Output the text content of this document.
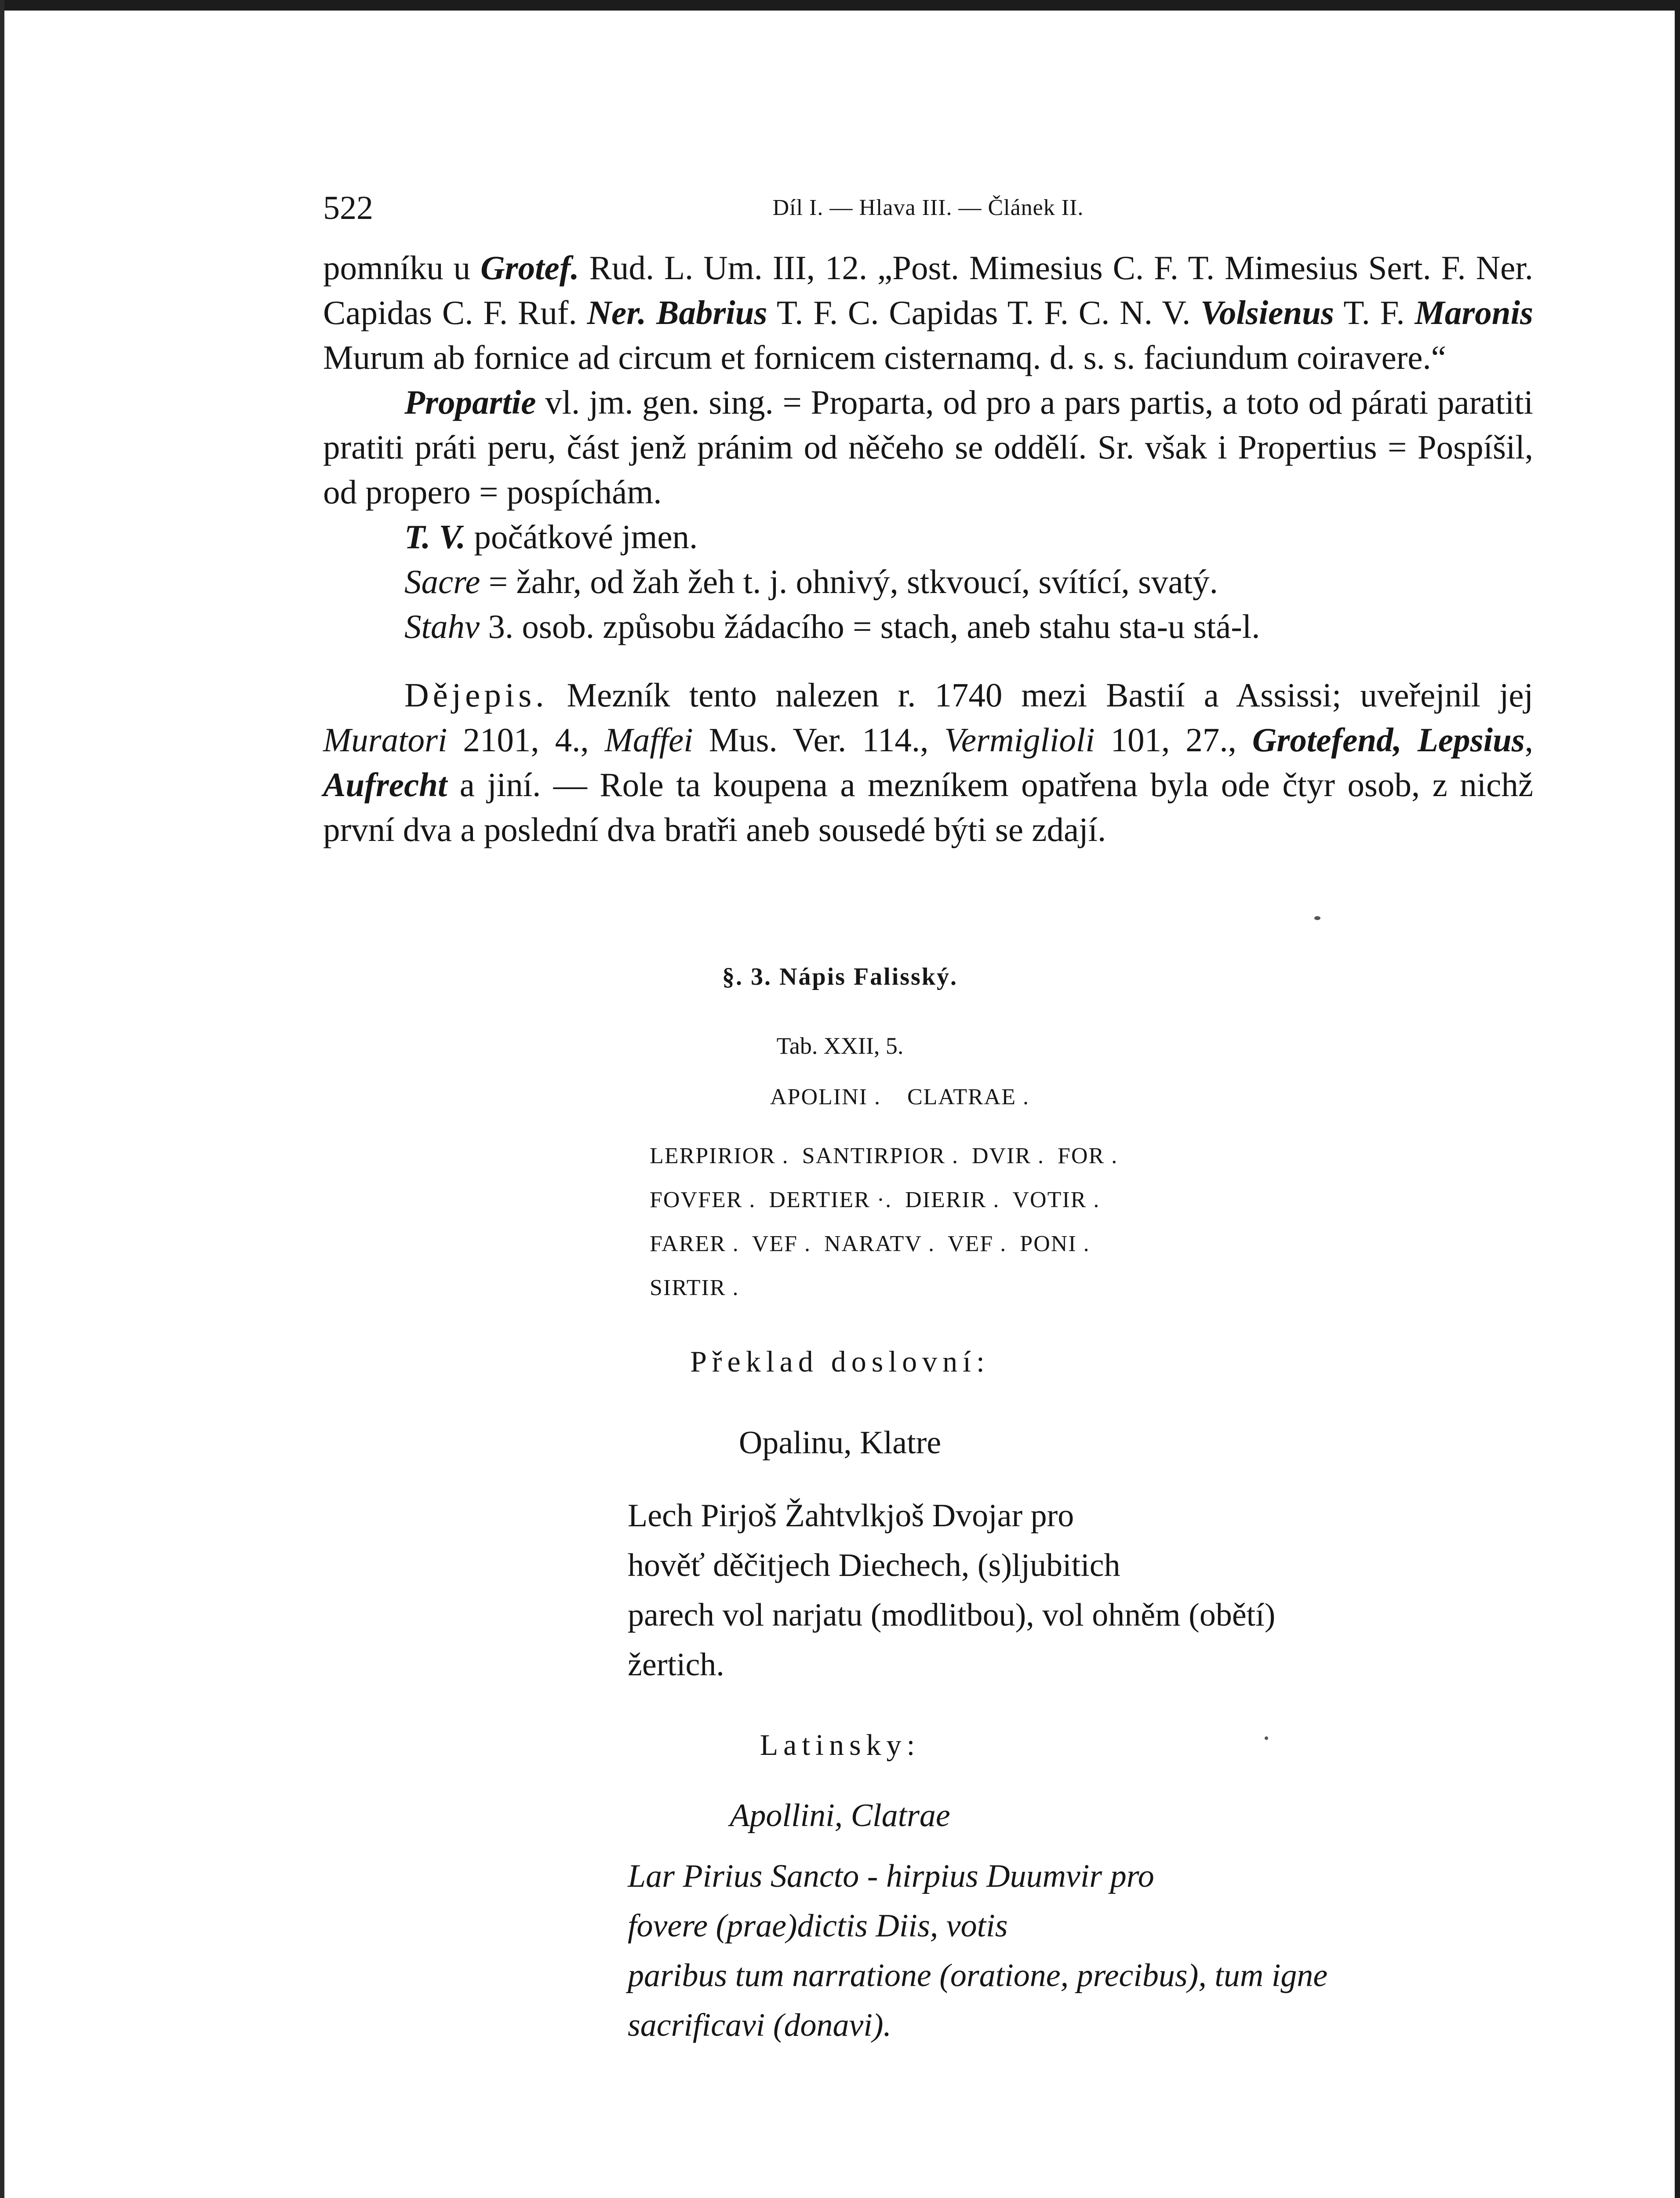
522	Díl I. — Hlava III. — Článek II.

pomníku u Grotef. Rud. L. Um. III, 12. „Post. Mimesius C. F. T. Mimesius Sert. F. Ner. Capidas C. F. Ruf. Ner. Babrius T. F. C. Capidas T. F. C. N. V. Volsienus T. F. Maronis Murum ab fornice ad circum et fornicem cisternamq. d. s. s. faciundum coiravere.“

Propartie vl. jm. gen. sing. = Proparta, od pro a pars partis, a toto od párati paratiti pratiti práti peru, část jenž pránim od něčeho se oddělí. Sr. však i Propertius = Pospíšil, od propero = pospíchám.

T. V. počátkové jmen.

Sacre = žahr, od žah žeh t. j. ohnivý, stkvoucí, svítící, svatý.

Stahv 3. osob. způsobu žádacího = stach, aneb stahu sta-u stá-l.

Dějepis. Mezník tento nalezen r. 1740 mezi Bastií a Assissi; uveřejnil jej Muratori 2101, 4., Maffei Mus. Ver. 114., Vermiglioli 101, 27., Grotefend, Lepsius, Aufrecht a jiní. — Role ta koupena a mezníkem opatřena byla ode čtyr osob, z nichž první dva a poslední dva bratři aneb sousedé býti se zdají.

§. 3. Nápis Falisský.
Tab. XXII, 5.
APOLINI .    CLATRAE .
LERPIRIOR .  SANTIRPIOR .  DVIR .  FOR .
FOVFER .  DERTIER ·.  DIERIR .  VOTIR .
FARER .  VEF .  NARATV .  VEF .  PONI .
SIRTIR .
Překlad doslovní:
Opalinu, Klatre
Lech Pirjoš Žahtvlkjoš Dvojar pro
hověť děčitjech Diechech, (s)ljubitich
parech vol narjatu (modlitbou), vol ohněm (obětí)
žertich.
Latinsky:
Apollini, Clatrae
Lar Pirius Sancto - hirpius Duumvir pro
fovere (prae)dictis Diis, votis
paribus tum narratione (oratione, precibus), tum igne
sacrificavi (donavi).
